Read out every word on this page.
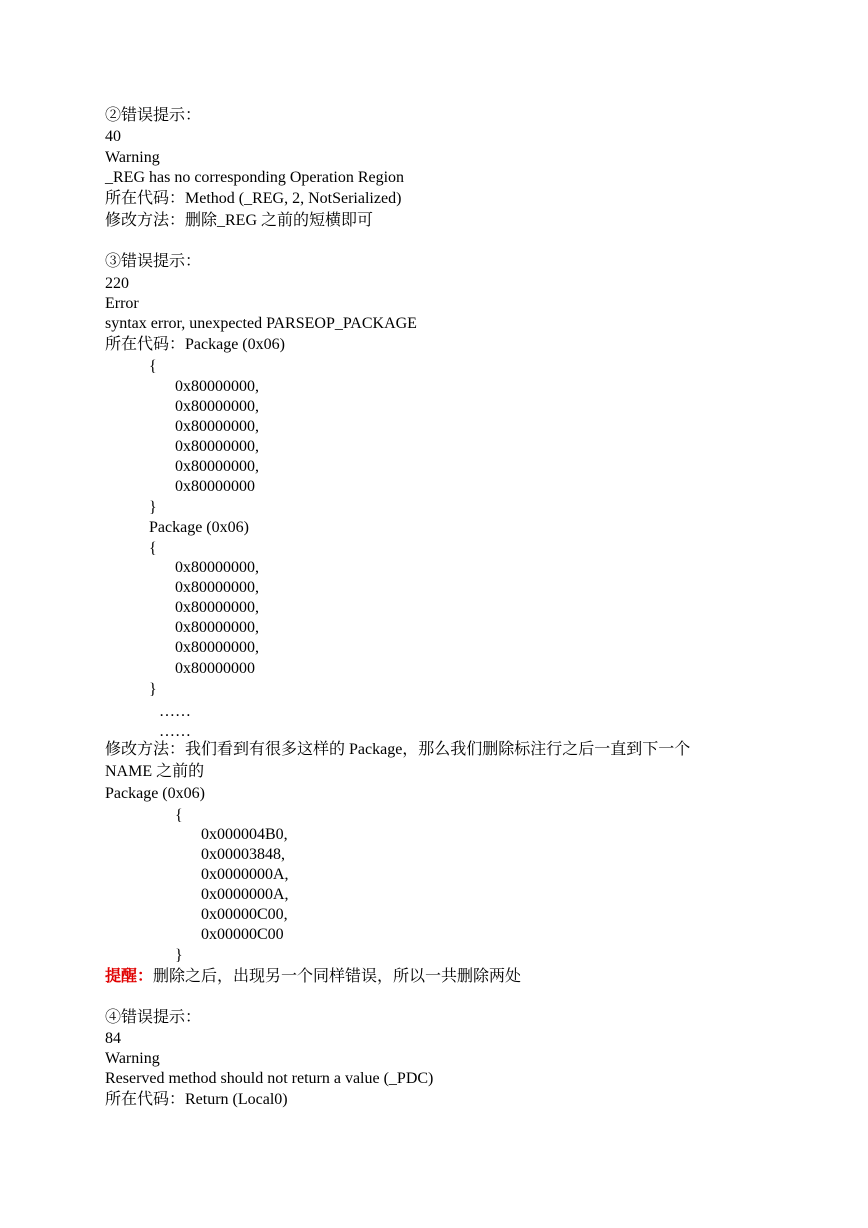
②错误提示：
40
Warning
_REG has no corresponding Operation Region
所在代码：Method (_REG, 2, NotSerialized)
修改方法：删除_REG 之前的短横即可
③错误提示：
220
Error
syntax error, unexpected PARSEOP_PACKAGE
所在代码：Package (0x06)
{
0x80000000,
0x80000000,
0x80000000,
0x80000000,
0x80000000,
0x80000000
}
Package (0x06)
{
0x80000000,
0x80000000,
0x80000000,
0x80000000,
0x80000000,
0x80000000
}
……
……
修改方法：我们看到有很多这样的 Package，那么我们删除标注行之后一直到下一个
NAME 之前的
Package (0x06)
{
0x000004B0,
0x00003848,
0x0000000A,
0x0000000A,
0x00000C00,
0x00000C00
}
提醒：删除之后，出现另一个同样错误，所以一共删除两处
④错误提示：
84
Warning
Reserved method should not return a value (_PDC)
所在代码：Return (Local0)
